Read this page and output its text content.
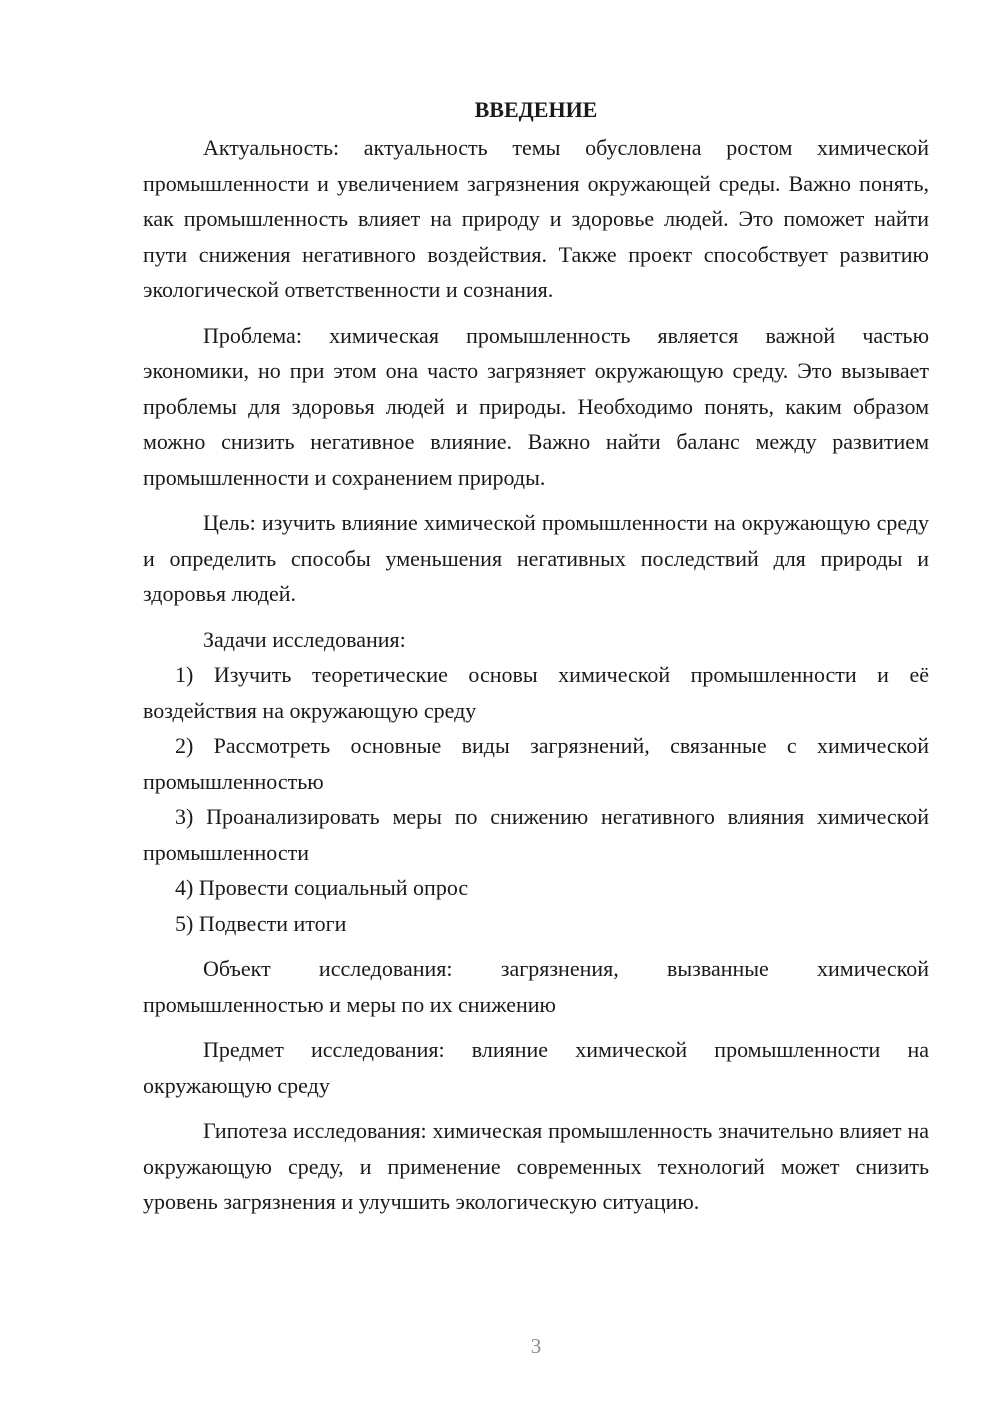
ВВЕДЕНИЕ

Актуальность: актуальность темы обусловлена ростом химической промышленности и увеличением загрязнения окружающей среды. Важно понять, как промышленность влияет на природу и здоровье людей. Это поможет найти пути снижения негативного воздействия. Также проект способствует развитию экологической ответственности и сознания.

Проблема: химическая промышленность является важной частью экономики, но при этом она часто загрязняет окружающую среду. Это вызывает проблемы для здоровья людей и природы. Необходимо понять, каким образом можно снизить негативное влияние. Важно найти баланс между развитием промышленности и сохранением природы.

Цель: изучить влияние химической промышленности на окружающую среду и определить способы уменьшения негативных последствий для природы и здоровья людей.

Задачи исследования:

1) Изучить теоретические основы химической промышленности и её воздействия на окружающую среду

2) Рассмотреть основные виды загрязнений, связанные с химической промышленностью

3) Проанализировать меры по снижению негативного влияния химической промышленности

4) Провести социальный опрос

5) Подвести итоги

Объект исследования: загрязнения, вызванные химической промышленностью и меры по их снижению

Предмет исследования: влияние химической промышленности на окружающую среду

Гипотеза исследования: химическая промышленность значительно влияет на окружающую среду, и применение современных технологий может снизить уровень загрязнения и улучшить экологическую ситуацию.

3
